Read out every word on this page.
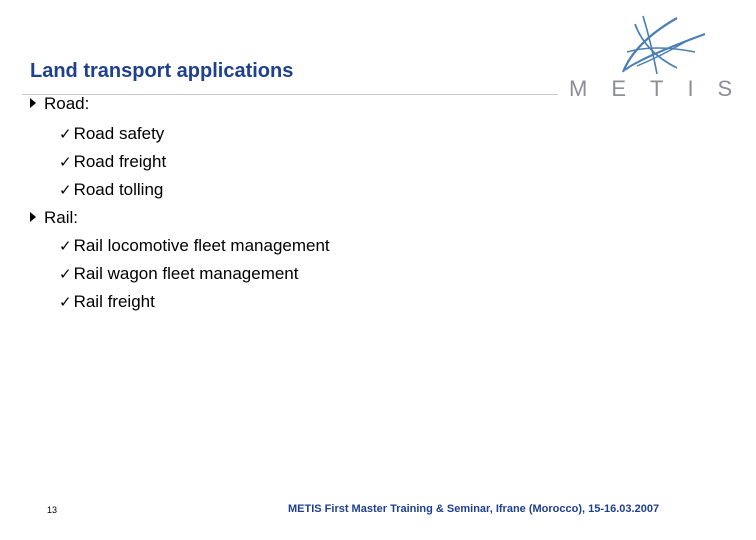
Land transport applications
METIS
Road:
✓ Road safety
✓ Road freight
✓ Road tolling
Rail:
✓ Rail locomotive fleet management
✓ Rail wagon fleet management
✓ Rail freight
13	METIS First Master Training & Seminar, Ifrane (Morocco), 15-16.03.2007
